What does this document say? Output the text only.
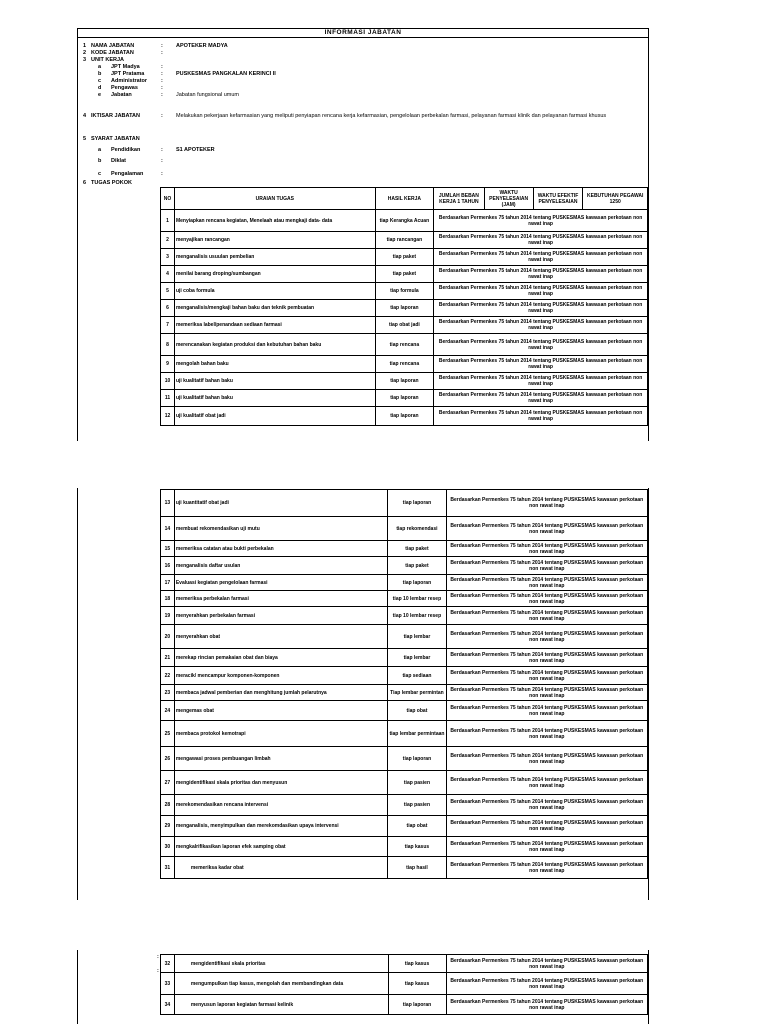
INFORMASI JABATAN
1 NAMA JABATAN	:	APOTEKER MADYA
2 KODE JABATAN	:
3 UNIT KERJA
a	JPT Madya	:
b	JPT Pratama	:	PUSKESMAS PANGKALAN KERINCI II
c	Administrator	:
d	Pengawas	:
e	Jabatan	:	Jabatan fungsional umum
4 IKTISAR JABATAN	:	Melakukan pekerjaan kefarmasian yang meliputi penyiapan rencana kerja kefarmasian, pengelolaan perbekalan farmasi, pelayanan farmasi klinik dan pelayanan farmasi khusus
5 SYARAT JABATAN
a	Pendidikan	:	S1 APOTEKER
b	Diklat	:
c	Pengalaman	:
6 TUGAS POKOK
NO	URAIAN TUGAS	HASIL KERJA	JUMLAH BEBAN KERJA 1 TAHUN	WAKTU PENYELESAIAN (JAM)	WAKTU EFEKTIF PENYELESAIAN	KEBUTUHAN PEGAWAI 1250
1	Menyiapkan rencana kegiatan, Menelaah atau mengkaji data- data	tiap Kerangka Acuan	Berdasarkan Permenkes 75 tahun 2014 tentang PUSKESMAS kawasan perkotaan non rawat inap			
2	menyajikan rancangan	tiap rancangan	Berdasarkan Permenkes 75 tahun 2014 tentang PUSKESMAS kawasan perkotaan non rawat inap			
3	menganalisis usuulan pembelian	tiap paket	Berdasarkan Permenkes 75 tahun 2014 tentang PUSKESMAS kawasan perkotaan non rawat inap			
4	menilai barang droping/sumbangan	tiap paket	Berdasarkan Permenkes 75 tahun 2014 tentang PUSKESMAS kawasan perkotaan non rawat inap			
5	uji coba formula	tiap formula	Berdasarkan Permenkes 75 tahun 2014 tentang PUSKESMAS kawasan perkotaan non rawat inap			
6	menganalisis/mengkaji bahan baku dan teknik pembuatan	tiap laporan	Berdasarkan Permenkes 75 tahun 2014 tentang PUSKESMAS kawasan perkotaan non rawat inap			
7	memeriksa label/penandaan sediaan farmasi	tiap obat jadi	Berdasarkan Permenkes 75 tahun 2014 tentang PUSKESMAS kawasan perkotaan non rawat inap			
8	merencanakan kegiatan produksi dan kebutuhan bahan baku	tiap rencana	Berdasarkan Permenkes 75 tahun 2014 tentang PUSKESMAS kawasan perkotaan non rawat inap			
9	mengolah bahan baku	tiap rencana	Berdasarkan Permenkes 75 tahun 2014 tentang PUSKESMAS kawasan perkotaan non rawat inap			
10	uji kualitatif bahan baku	tiap laporan	Berdasarkan Permenkes 75 tahun 2014 tentang PUSKESMAS kawasan perkotaan non rawat inap			
11	uji kualitatif bahan baku	tiap laporan	Berdasarkan Permenkes 75 tahun 2014 tentang PUSKESMAS kawasan perkotaan non rawat inap			
12	uji kualitatif obat jadi	tiap laporan	Berdasarkan Permenkes 75 tahun 2014 tentang PUSKESMAS kawasan perkotaan non rawat inap			

13	uji kuantitatif obat jadi	tiap laporan	Berdasarkan Permenkes 75 tahun 2014 tentang PUSKESMAS kawasan perkotaan non rawat inap			
14	membuat rekomendasikan uji mutu	tiap rekomendasi	Berdasarkan Permenkes 75 tahun 2014 tentang PUSKESMAS kawasan perkotaan non rawat inap			
15	memeriksa catatan atau bukti perbekalan	tiap paket	Berdasarkan Permenkes 75 tahun 2014 tentang PUSKESMAS kawasan perkotaan non rawat inap			
16	menganalisis daftar usulan	tiap paket	Berdasarkan Permenkes 75 tahun 2014 tentang PUSKESMAS kawasan perkotaan non rawat inap			
17	Evaluasi kegiatan pengelolaan farmasi	tiap laporan	Berdasarkan Permenkes 75 tahun 2014 tentang PUSKESMAS kawasan perkotaan non rawat inap			
18	memeriksa perbekalan farmasi	tiap 10 lembar resep	Berdasarkan Permenkes 75 tahun 2014 tentang PUSKESMAS kawasan perkotaan non rawat inap			
19	menyerahkan perbekalan farmasi	tiap 10 lembar resep	Berdasarkan Permenkes 75 tahun 2014 tentang PUSKESMAS kawasan perkotaan non rawat inap			
20	menyerahkan obat	tiap lembar	Berdasarkan Permenkes 75 tahun 2014 tentang PUSKESMAS kawasan perkotaan non rawat inap			
21	merekap rincian pemakaian obat dan biaya	tiap lembar	Berdasarkan Permenkes 75 tahun 2014 tentang PUSKESMAS kawasan perkotaan non rawat inap			
22	meracik/ mencampur komponen-komponen	tiap sediaan	Berdasarkan Permenkes 75 tahun 2014 tentang PUSKESMAS kawasan perkotaan non rawat inap			
23	membaca jadwal pemberian dan menghitung jumlah pelarutnya	Tiap lembar permintan	Berdasarkan Permenkes 75 tahun 2014 tentang PUSKESMAS kawasan perkotaan non rawat inap			
24	mengemas obat	tiap obat	Berdasarkan Permenkes 75 tahun 2014 tentang PUSKESMAS kawasan perkotaan non rawat inap			
25	membaca protokol kemotrapi	tiap lembar permintaan	Berdasarkan Permenkes 75 tahun 2014 tentang PUSKESMAS kawasan perkotaan non rawat inap			
26	mengawasi proses pembuangan limbah	tiap laporan	Berdasarkan Permenkes 75 tahun 2014 tentang PUSKESMAS kawasan perkotaan non rawat inap			
27	mengidentifikasi skala prioritas dan menyusun	tiap pasien	Berdasarkan Permenkes 75 tahun 2014 tentang PUSKESMAS kawasan perkotaan non rawat inap			
28	merekomendasikan rencana intervensi	tiap pasien	Berdasarkan Permenkes 75 tahun 2014 tentang PUSKESMAS kawasan perkotaan non rawat inap			
29	menganalisis, menyimpulkan dan merekomdasikan upaya intervensi	tiap obat	Berdasarkan Permenkes 75 tahun 2014 tentang PUSKESMAS kawasan perkotaan non rawat inap			
30	mengkalrifikasikan laporan efek samping obat	tiap kasus	Berdasarkan Permenkes 75 tahun 2014 tentang PUSKESMAS kawasan perkotaan non rawat inap			
31	memeriksa kadar obat	tiap hasil	Berdasarkan Permenkes 75 tahun 2014 tentang PUSKESMAS kawasan perkotaan non rawat inap			
:
:

32	mengidentifikasi skala prioritas	tiap kasus	Berdasarkan Permenkes 75 tahun 2014 tentang PUSKESMAS kawasan perkotaan non rawat inap			
33	mengumpulkan tiap kasus, mengolah dan membandingkan data	tiap kasus	Berdasarkan Permenkes 75 tahun 2014 tentang PUSKESMAS kawasan perkotaan non rawat inap			
34	menyusun laporan kegiatan farmasi kelinik	tiap laporan	Berdasarkan Permenkes 75 tahun 2014 tentang PUSKESMAS kawasan perkotaan non rawat inap			
